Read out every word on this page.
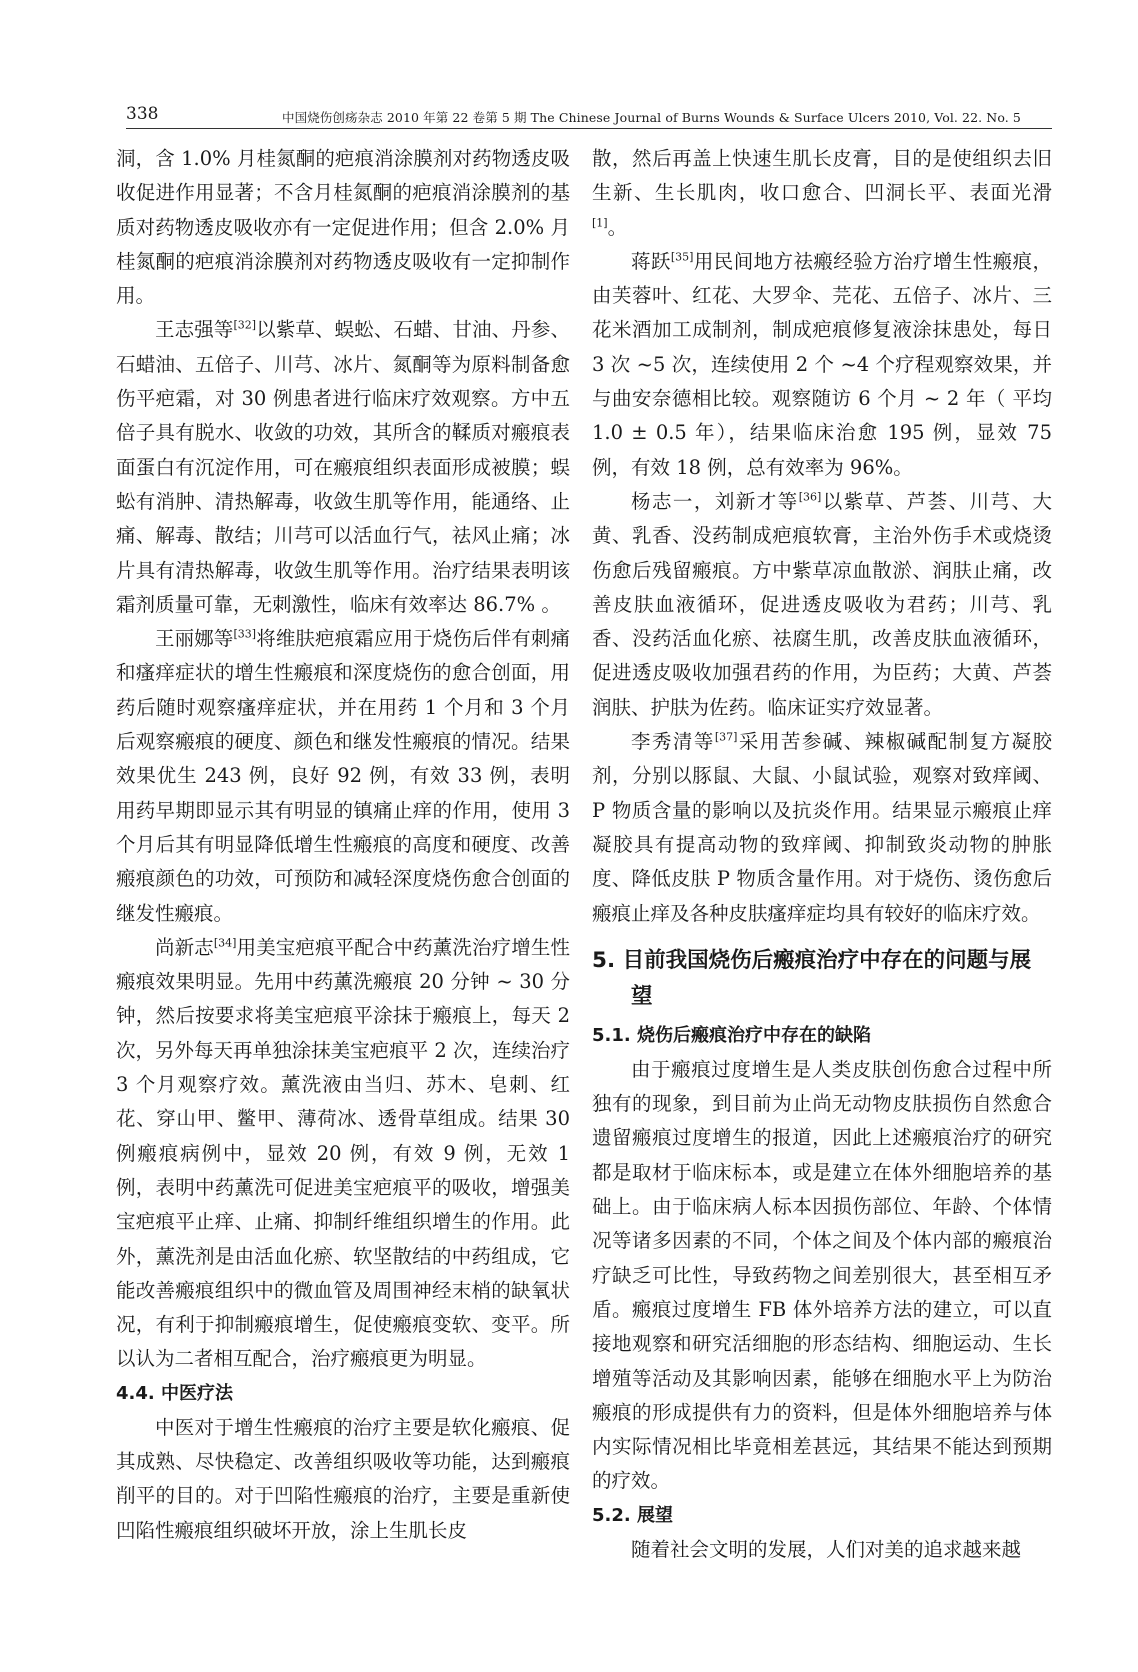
338	中国烧伤创疡杂志 2010 年第 22 卷第 5 期 The Chinese Journal of Burns Wounds & Surface Ulcers 2010, Vol. 22. No. 5

洞，含 1.0% 月桂氮酮的疤痕消涂膜剂对药物透皮吸收促进作用显著；不含月桂氮酮的疤痕消涂膜剂的基质对药物透皮吸收亦有一定促进作用；但含 2.0% 月桂氮酮的疤痕消涂膜剂对药物透皮吸收有一定抑制作用。

王志强等[32]以紫草、蜈蚣、石蜡、甘油、丹参、石蜡油、五倍子、川芎、冰片、氮酮等为原料制备愈伤平疤霜，对 30 例患者进行临床疗效观察。方中五倍子具有脱水、收敛的功效，其所含的鞣质对瘢痕表面蛋白有沉淀作用，可在瘢痕组织表面形成被膜；蜈蚣有消肿、清热解毒，收敛生肌等作用，能通络、止痛、解毒、散结；川芎可以活血行气，祛风止痛；冰片具有清热解毒，收敛生肌等作用。治疗结果表明该霜剂质量可靠，无刺激性，临床有效率达 86.7% 。

王丽娜等[33]将维肤疤痕霜应用于烧伤后伴有刺痛和瘙痒症状的增生性瘢痕和深度烧伤的愈合创面，用药后随时观察瘙痒症状，并在用药 1 个月和 3 个月后观察瘢痕的硬度、颜色和继发性瘢痕的情况。结果效果优生 243 例，良好 92 例，有效 33 例，表明用药早期即显示其有明显的镇痛止痒的作用，使用 3 个月后其有明显降低增生性瘢痕的高度和硬度、改善瘢痕颜色的功效，可预防和减轻深度烧伤愈合创面的继发性瘢痕。

尚新志[34]用美宝疤痕平配合中药薰洗治疗增生性瘢痕效果明显。先用中药薰洗瘢痕 20 分钟 ~ 30 分钟，然后按要求将美宝疤痕平涂抹于瘢痕上，每天 2 次，另外每天再单独涂抹美宝疤痕平 2 次，连续治疗 3 个月观察疗效。薰洗液由当归、苏木、皂刺、红花、穿山甲、鳖甲、薄荷冰、透骨草组成。结果 30 例瘢痕病例中，显效 20 例，有效 9 例，无效 1 例，表明中药薰洗可促进美宝疤痕平的吸收，增强美宝疤痕平止痒、止痛、抑制纤维组织增生的作用。此外，薰洗剂是由活血化瘀、软坚散结的中药组成，它能改善瘢痕组织中的微血管及周围神经末梢的缺氧状况，有利于抑制瘢痕增生，促使瘢痕变软、变平。所以认为二者相互配合，治疗瘢痕更为明显。

4.4. 中医疗法

中医对于增生性瘢痕的治疗主要是软化瘢痕、促其成熟、尽快稳定、改善组织吸收等功能，达到瘢痕削平的目的。对于凹陷性瘢痕的治疗，主要是重新使凹陷性瘢痕组织破坏开放，涂上生肌长皮

散，然后再盖上快速生肌长皮膏，目的是使组织去旧生新、生长肌肉，收口愈合、凹洞长平、表面光滑[1]。

蒋跃[35]用民间地方祛瘢经验方治疗增生性瘢痕，由芙蓉叶、红花、大罗伞、芫花、五倍子、冰片、三花米酒加工成制剂，制成疤痕修复液涂抹患处，每日 3 次 ~5 次，连续使用 2 个 ~4 个疗程观察效果，并与曲安奈德相比较。观察随访 6 个月 ~ 2 年（ 平均 1.0 ± 0.5 年），结果临床治愈 195 例，显效 75 例，有效 18 例，总有效率为 96%。

杨志一，刘新才等[36]以紫草、芦荟、川芎、大黄、乳香、没药制成疤痕软膏，主治外伤手术或烧烫伤愈后残留瘢痕。方中紫草凉血散淤、润肤止痛，改善皮肤血液循环，促进透皮吸收为君药；川芎、乳香、没药活血化瘀、祛腐生肌，改善皮肤血液循环，促进透皮吸收加强君药的作用，为臣药；大黄、芦荟润肤、护肤为佐药。临床证实疗效显著。

李秀清等[37]采用苦参碱、辣椒碱配制复方凝胶剂，分别以豚鼠、大鼠、小鼠试验，观察对致痒阈、P 物质含量的影响以及抗炎作用。结果显示瘢痕止痒凝胶具有提高动物的致痒阈、抑制致炎动物的肿胀度、降低皮肤 P 物质含量作用。对于烧伤、烫伤愈后瘢痕止痒及各种皮肤瘙痒症均具有较好的临床疗效。

5. 目前我国烧伤后瘢痕治疗中存在的问题与展望
5.1. 烧伤后瘢痕治疗中存在的缺陷

由于瘢痕过度增生是人类皮肤创伤愈合过程中所独有的现象，到目前为止尚无动物皮肤损伤自然愈合遗留瘢痕过度增生的报道，因此上述瘢痕治疗的研究都是取材于临床标本，或是建立在体外细胞培养的基础上。由于临床病人标本因损伤部位、年龄、个体情况等诸多因素的不同，个体之间及个体内部的瘢痕治疗缺乏可比性，导致药物之间差别很大，甚至相互矛盾。瘢痕过度增生 FB 体外培养方法的建立，可以直接地观察和研究活细胞的形态结构、细胞运动、生长增殖等活动及其影响因素，能够在细胞水平上为防治瘢痕的形成提供有力的资料，但是体外细胞培养与体内实际情况相比毕竟相差甚远，其结果不能达到预期的疗效。

5.2. 展望

随着社会文明的发展，人们对美的追求越来越
